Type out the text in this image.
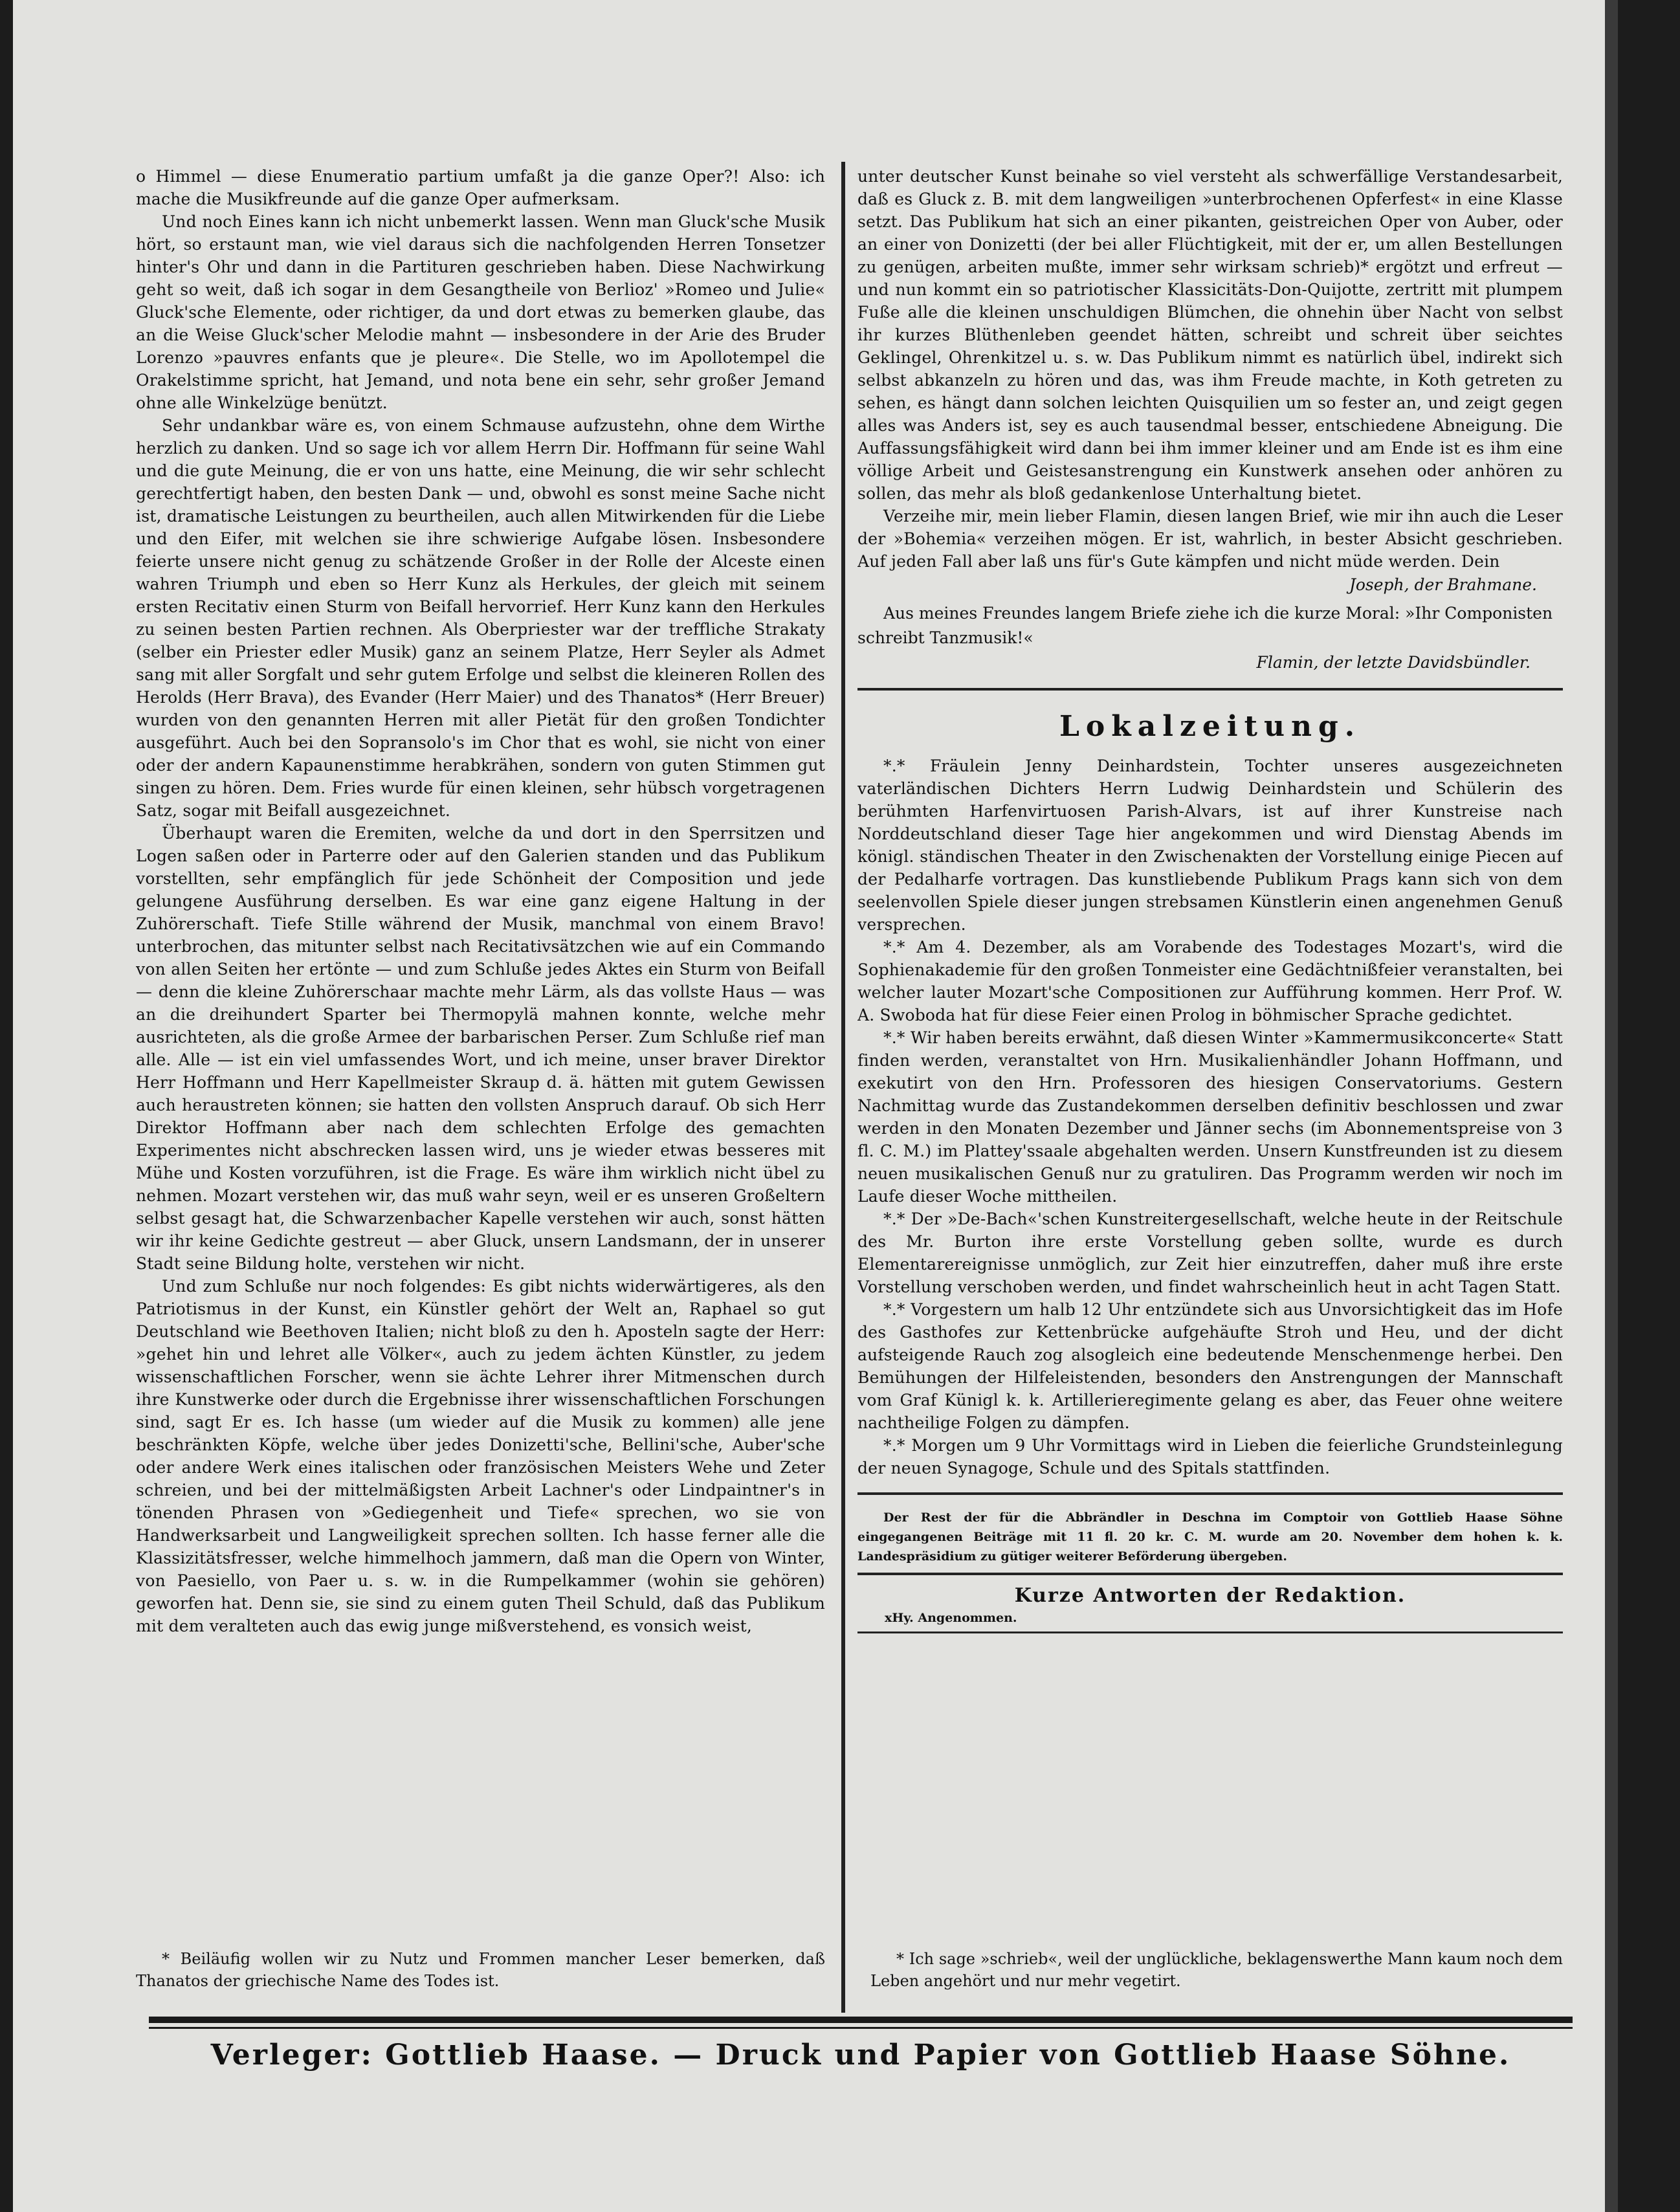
o Himmel — diese Enumeratio partium umfaßt ja die ganze Oper?! Also: ich mache die Musikfreunde auf die ganze Oper aufmerksam.

Und noch Eines kann ich nicht unbemerkt lassen. Wenn man Gluck'sche Musik hört, so erstaunt man, wie viel daraus sich die nachfolgenden Herren Tonsetzer hinter's Ohr und dann in die Partituren geschrieben haben. Diese Nachwirkung geht so weit, daß ich sogar in dem Gesangtheile von Berlioz' »Romeo und Julie« Gluck'sche Elemente, oder richtiger, da und dort etwas zu bemerken glaube, das an die Weise Gluck'scher Melodie mahnt — insbesondere in der Arie des Bruder Lorenzo »pauvres enfants que je pleure«. Die Stelle, wo im Apollotempel die Orakelstimme spricht, hat Jemand, und nota bene ein sehr, sehr großer Jemand ohne alle Winkelzüge benützt.

Sehr undankbar wäre es, von einem Schmause aufzustehn, ohne dem Wirthe herzlich zu danken. Und so sage ich vor allem Herrn Dir. Hoffmann für seine Wahl und die gute Meinung, die er von uns hatte, eine Meinung, die wir sehr schlecht gerechtfertigt haben, den besten Dank — und, obwohl es sonst meine Sache nicht ist, dramatische Leistungen zu beurtheilen, auch allen Mitwirkenden für die Liebe und den Eifer, mit welchen sie ihre schwierige Aufgabe lösen. Insbesondere feierte unsere nicht genug zu schätzende Großer in der Rolle der Alceste einen wahren Triumph und eben so Herr Kunz als Herkules, der gleich mit seinem ersten Recitativ einen Sturm von Beifall hervorrief. Herr Kunz kann den Herkules zu seinen besten Partien rechnen. Als Oberpriester war der treffliche Strakaty (selber ein Priester edler Musik) ganz an seinem Platze, Herr Seyler als Admet sang mit aller Sorgfalt und sehr gutem Erfolge und selbst die kleineren Rollen des Herolds (Herr Brava), des Evander (Herr Maier) und des Thanatos* (Herr Breuer) wurden von den genannten Herren mit aller Pietät für den großen Tondichter ausgeführt. Auch bei den Sopransolo's im Chor that es wohl, sie nicht von einer oder der andern Kapaunenstimme herabkrähen, sondern von guten Stimmen gut singen zu hören. Dem. Fries wurde für einen kleinen, sehr hübsch vorgetragenen Satz, sogar mit Beifall ausgezeichnet.

Überhaupt waren die Eremiten, welche da und dort in den Sperrsitzen und Logen saßen oder in Parterre oder auf den Galerien standen und das Publikum vorstellten, sehr empfänglich für jede Schönheit der Composition und jede gelungene Ausführung derselben. Es war eine ganz eigene Haltung in der Zuhörerschaft. Tiefe Stille während der Musik, manchmal von einem Bravo! unterbrochen, das mitunter selbst nach Recitativsätzchen wie auf ein Commando von allen Seiten her ertönte — und zum Schluße jedes Aktes ein Sturm von Beifall — denn die kleine Zuhörerschaar machte mehr Lärm, als das vollste Haus — was an die dreihundert Sparter bei Thermopylä mahnen konnte, welche mehr ausrichteten, als die große Armee der barbarischen Perser. Zum Schluße rief man alle. Alle — ist ein viel umfassendes Wort, und ich meine, unser braver Direktor Herr Hoffmann und Herr Kapellmeister Skraup d. ä. hätten mit gutem Gewissen auch heraustreten können; sie hatten den vollsten Anspruch darauf. Ob sich Herr Direktor Hoffmann aber nach dem schlechten Erfolge des gemachten Experimentes nicht abschrecken lassen wird, uns je wieder etwas besseres mit Mühe und Kosten vorzuführen, ist die Frage. Es wäre ihm wirklich nicht übel zu nehmen. Mozart verstehen wir, das muß wahr seyn, weil er es unseren Großeltern selbst gesagt hat, die Schwarzenbacher Kapelle verstehen wir auch, sonst hätten wir ihr keine Gedichte gestreut — aber Gluck, unsern Landsmann, der in unserer Stadt seine Bildung holte, verstehen wir nicht.

Und zum Schluße nur noch folgendes: Es gibt nichts widerwärtigeres, als den Patriotismus in der Kunst, ein Künstler gehört der Welt an, Raphael so gut Deutschland wie Beethoven Italien; nicht bloß zu den h. Aposteln sagte der Herr: »gehet hin und lehret alle Völker«, auch zu jedem ächten Künstler, zu jedem wissenschaftlichen Forscher, wenn sie ächte Lehrer ihrer Mitmenschen durch ihre Kunstwerke oder durch die Ergebnisse ihrer wissenschaftlichen Forschungen sind, sagt Er es. Ich hasse (um wieder auf die Musik zu kommen) alle jene beschränkten Köpfe, welche über jedes Donizetti'sche, Bellini'sche, Auber'sche oder andere Werk eines italischen oder französischen Meisters Wehe und Zeter schreien, und bei der mittelmäßigsten Arbeit Lachner's oder Lindpaintner's in tönenden Phrasen von »Gediegenheit und Tiefe« sprechen, wo sie von Handwerksarbeit und Langweiligkeit sprechen sollten. Ich hasse ferner alle die Klassizitätsfresser, welche himmelhoch jammern, daß man die Opern von Winter, von Paesiello, von Paer u. s. w. in die Rumpelkammer (wohin sie gehören) geworfen hat. Denn sie, sie sind zu einem guten Theil Schuld, daß das Publikum mit dem veralteten auch das ewig junge mißverstehend, es vonsich weist,

unter deutscher Kunst beinahe so viel versteht als schwerfällige Verstandesarbeit, daß es Gluck z. B. mit dem langweiligen »unterbrochenen Opferfest« in eine Klasse setzt. Das Publikum hat sich an einer pikanten, geistreichen Oper von Auber, oder an einer von Donizetti (der bei aller Flüchtigkeit, mit der er, um allen Bestellungen zu genügen, arbeiten mußte, immer sehr wirksam schrieb)* ergötzt und erfreut — und nun kommt ein so patriotischer Klassicitäts-Don-Quijotte, zertritt mit plumpem Fuße alle die kleinen unschuldigen Blümchen, die ohnehin über Nacht von selbst ihr kurzes Blüthenleben geendet hätten, schreibt und schreit über seichtes Geklingel, Ohrenkitzel u. s. w. Das Publikum nimmt es natürlich übel, indirekt sich selbst abkanzeln zu hören und das, was ihm Freude machte, in Koth getreten zu sehen, es hängt dann solchen leichten Quisquilien um so fester an, und zeigt gegen alles was Anders ist, sey es auch tausendmal besser, entschiedene Abneigung. Die Auffassungsfähigkeit wird dann bei ihm immer kleiner und am Ende ist es ihm eine völlige Arbeit und Geistesanstrengung ein Kunstwerk ansehen oder anhören zu sollen, das mehr als bloß gedankenlose Unterhaltung bietet.

Verzeihe mir, mein lieber Flamin, diesen langen Brief, wie mir ihn auch die Leser der »Bohemia« verzeihen mögen. Er ist, wahrlich, in bester Absicht geschrieben. Auf jeden Fall aber laß uns für's Gute kämpfen und nicht müde werden. Dein

Joseph, der Brahmane.

Aus meines Freundes langem Briefe ziehe ich die kurze Moral: »Ihr Componisten schreibt Tanzmusik!«

Flamin, der letzte Davidsbündler.

Lokalzeitung.

*.* Fräulein Jenny Deinhardstein, Tochter unseres ausgezeichneten vaterländischen Dichters Herrn Ludwig Deinhardstein und Schülerin des berühmten Harfenvirtuosen Parish-Alvars, ist auf ihrer Kunstreise nach Norddeutschland dieser Tage hier angekommen und wird Dienstag Abends im königl. ständischen Theater in den Zwischenakten der Vorstellung einige Piecen auf der Pedalharfe vortragen. Das kunstliebende Publikum Prags kann sich von dem seelenvollen Spiele dieser jungen strebsamen Künstlerin einen angenehmen Genuß versprechen.

*.* Am 4. Dezember, als am Vorabende des Todestages Mozart's, wird die Sophienakademie für den großen Tonmeister eine Gedächtnißfeier veranstalten, bei welcher lauter Mozart'sche Compositionen zur Aufführung kommen. Herr Prof. W. A. Swoboda hat für diese Feier einen Prolog in böhmischer Sprache gedichtet.

*.* Wir haben bereits erwähnt, daß diesen Winter »Kammermusikconcerte« Statt finden werden, veranstaltet von Hrn. Musikalienhändler Johann Hoffmann, und exekutirt von den Hrn. Professoren des hiesigen Conservatoriums. Gestern Nachmittag wurde das Zustandekommen derselben definitiv beschlossen und zwar werden in den Monaten Dezember und Jänner sechs (im Abonnementspreise von 3 fl. C. M.) im Plattey'ssaale abgehalten werden. Unsern Kunstfreunden ist zu diesem neuen musikalischen Genuß nur zu gratuliren. Das Programm werden wir noch im Laufe dieser Woche mittheilen.

*.* Der »De-Bach«'schen Kunstreitergesellschaft, welche heute in der Reitschule des Mr. Burton ihre erste Vorstellung geben sollte, wurde es durch Elementarereignisse unmöglich, zur Zeit hier einzutreffen, daher muß ihre erste Vorstellung verschoben werden, und findet wahrscheinlich heut in acht Tagen Statt.

*.* Vorgestern um halb 12 Uhr entzündete sich aus Unvorsichtigkeit das im Hofe des Gasthofes zur Kettenbrücke aufgehäufte Stroh und Heu, und der dicht aufsteigende Rauch zog alsogleich eine bedeutende Menschenmenge herbei. Den Bemühungen der Hilfeleistenden, besonders den Anstrengungen der Mannschaft vom Graf Künigl k. k. Artillerieregimente gelang es aber, das Feuer ohne weitere nachtheilige Folgen zu dämpfen.

*.* Morgen um 9 Uhr Vormittags wird in Lieben die feierliche Grundsteinlegung der neuen Synagoge, Schule und des Spitals stattfinden.

Der Rest der für die Abbrändler in Deschna im Comptoir von Gottlieb Haase Söhne eingegangenen Beiträge mit 11 fl. 20 kr. C. M. wurde am 20. November dem hohen k. k. Landespräsidium zu gütiger weiterer Beförderung übergeben.

Kurze Antworten der Redaktion.

xHy. Angenommen.

* Beiläufig wollen wir zu Nutz und Frommen mancher Leser bemerken, daß Thanatos der griechische Name des Todes ist.

* Ich sage »schrieb«, weil der unglückliche, beklagenswerthe Mann kaum noch dem Leben angehört und nur mehr vegetirt.

Verleger: Gottlieb Haase. — Druck und Papier von Gottlieb Haase Söhne.
